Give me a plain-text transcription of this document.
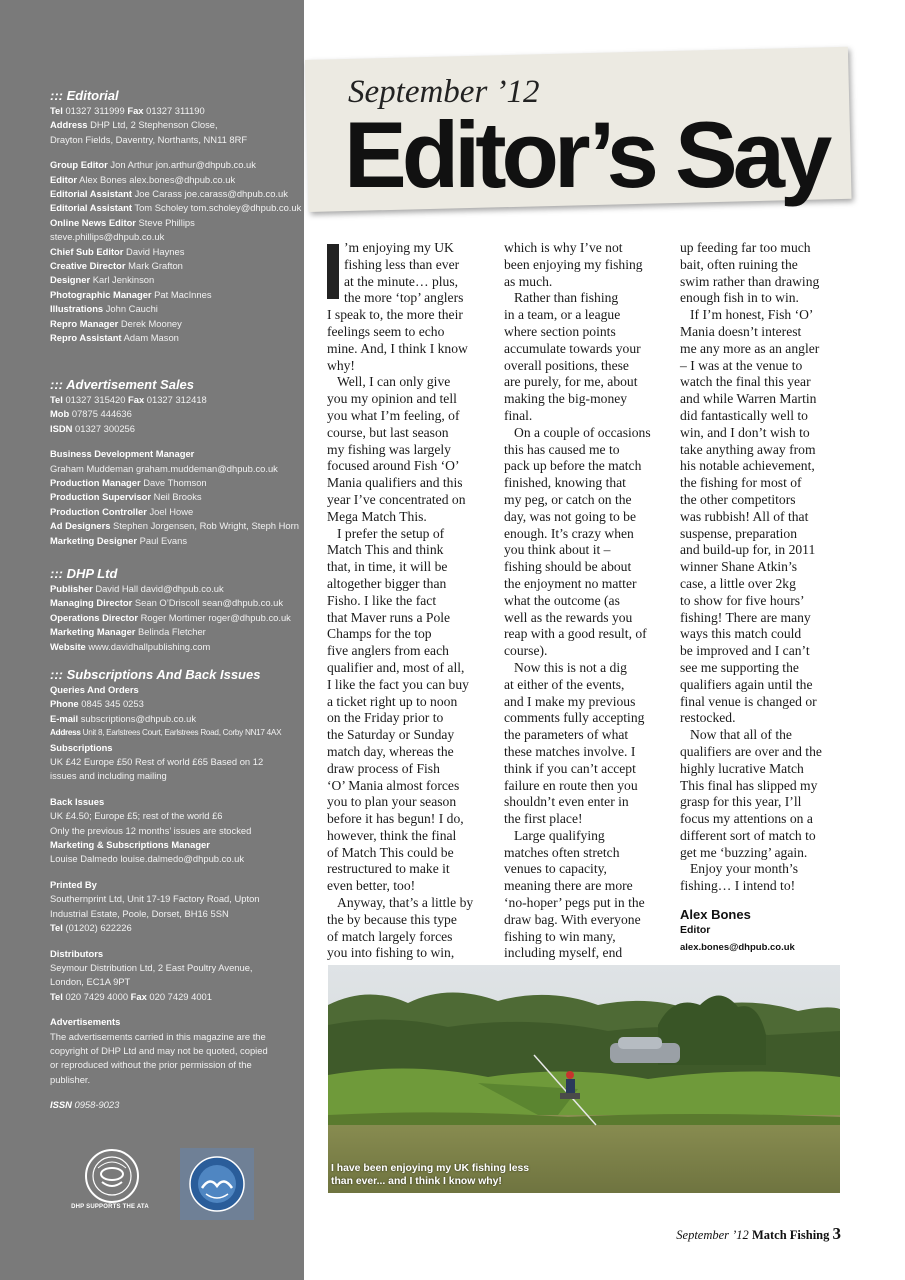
::: Editorial
Tel 01327 311999 Fax 01327 311190
Address DHP Ltd, 2 Stephenson Close,
Drayton Fields, Daventry, Northants, NN11 8RF
Group Editor Jon Arthur jon.arthur@dhpub.co.uk
Editor Alex Bones alex.bones@dhpub.co.uk
Editorial Assistant Joe Carass joe.carass@dhpub.co.uk
Editorial Assistant Tom Scholey tom.scholey@dhpub.co.uk
Online News Editor Steve Phillips
steve.phillips@dhpub.co.uk
Chief Sub Editor David Haynes
Creative Director Mark Grafton
Designer Karl Jenkinson
Photographic Manager Pat MacInnes
Illustrations John Cauchi
Repro Manager Derek Mooney
Repro Assistant Adam Mason
::: Advertisement Sales
Tel 01327 315420 Fax 01327 312418
Mob 07875 444636
ISDN 01327 300256
Business Development Manager
Graham Muddeman graham.muddeman@dhpub.co.uk
Production Manager Dave Thomson
Production Supervisor Neil Brooks
Production Controller Joel Howe
Ad Designers Stephen Jorgensen, Rob Wright, Steph Horn
Marketing Designer Paul Evans
::: DHP Ltd
Publisher David Hall david@dhpub.co.uk
Managing Director Sean O’Driscoll sean@dhpub.co.uk
Operations Director Roger Mortimer roger@dhpub.co.uk
Marketing Manager Belinda Fletcher
Website www.davidhallpublishing.com
::: Subscriptions And Back Issues
Queries And Orders
Phone 0845 345 0253
E-mail subscriptions@dhpub.co.uk
Address Unit 8, Earlstrees Court, Earlstrees Road, Corby NN17 4AX
Subscriptions
UK £42 Europe £50 Rest of world £65 Based on 12
issues and including mailing
Back Issues
UK £4.50; Europe £5; rest of the world £6
Only the previous 12 months’ issues are stocked
Marketing & Subscriptions Manager
Louise Dalmedo louise.dalmedo@dhpub.co.uk
Printed By
Southernprint Ltd, Unit 17-19 Factory Road, Upton
Industrial Estate, Poole, Dorset, BH16 5SN
Tel (01202) 622226
Distributors
Seymour Distribution Ltd, 2 East Poultry Avenue,
London, EC1A 9PT
Tel 020 7429 4000 Fax 020 7429 4001
Advertisements
The advertisements carried in this magazine are the
copyright of DHP Ltd and may not be quoted, copied
or reproduced without the prior permission of the
publisher.
ISSN 0958-9023
DHP SUPPORTS THE ATA
September ’12
Editor’s Say
’m enjoying my UK
fishing less than ever
at the minute… plus,
the more ‘top’ anglers
I speak to, the more their
feelings seem to echo
mine. And, I think I know
why!
Well, I can only give
you my opinion and tell
you what I’m feeling, of
course, but last season
my fishing was largely
focused around Fish ‘O’
Mania qualifiers and this
year I’ve concentrated on
Mega Match This.
I prefer the setup of
Match This and think
that, in time, it will be
altogether bigger than
Fisho. I like the fact
that Maver runs a Pole
Champs for the top
five anglers from each
qualifier and, most of all,
I like the fact you can buy
a ticket right up to noon
on the Friday prior to
the Saturday or Sunday
match day, whereas the
draw process of Fish
‘O’ Mania almost forces
you to plan your season
before it has begun! I do,
however, think the final
of Match This could be
restructured to make it
even better, too!
Anyway, that’s a little by
the by because this type
of match largely forces
you into fishing to win,
which is why I’ve not
been enjoying my fishing
as much.
Rather than fishing
in a team, or a league
where section points
accumulate towards your
overall positions, these
are purely, for me, about
making the big-money
final.
On a couple of occasions
this has caused me to
pack up before the match
finished, knowing that
my peg, or catch on the
day, was not going to be
enough. It’s crazy when
you think about it –
fishing should be about
the enjoyment no matter
what the outcome (as
well as the rewards you
reap with a good result, of
course).
Now this is not a dig
at either of the events,
and I make my previous
comments fully accepting
the parameters of what
these matches involve. I
think if you can’t accept
failure en route then you
shouldn’t even enter in
the first place!
Large qualifying
matches often stretch
venues to capacity,
meaning there are more
‘no-hoper’ pegs put in the
draw bag. With everyone
fishing to win many,
including myself, end
up feeding far too much
bait, often ruining the
swim rather than drawing
enough fish in to win.
If I’m honest, Fish ‘O’
Mania doesn’t interest
me any more as an angler
– I was at the venue to
watch the final this year
and while Warren Martin
did fantastically well to
win, and I don’t wish to
take anything away from
his notable achievement,
the fishing for most of
the other competitors
was rubbish! All of that
suspense, preparation
and build-up for, in 2011
winner Shane Atkin’s
case, a little over 2kg
to show for five hours’
fishing! There are many
ways this match could
be improved and I can’t
see me supporting the
qualifiers again until the
final venue is changed or
restocked.
Now that all of the
qualifiers are over and the
highly lucrative Match
This final has slipped my
grasp for this year, I’ll
focus my attentions on a
different sort of match to
get me ‘buzzing’ again.
Enjoy your month’s
fishing… I intend to!
Alex Bones
Editor
alex.bones@dhpub.co.uk
I have been enjoying my UK fishing less
than ever... and I think I know why!
September ’12 Match Fishing 3
